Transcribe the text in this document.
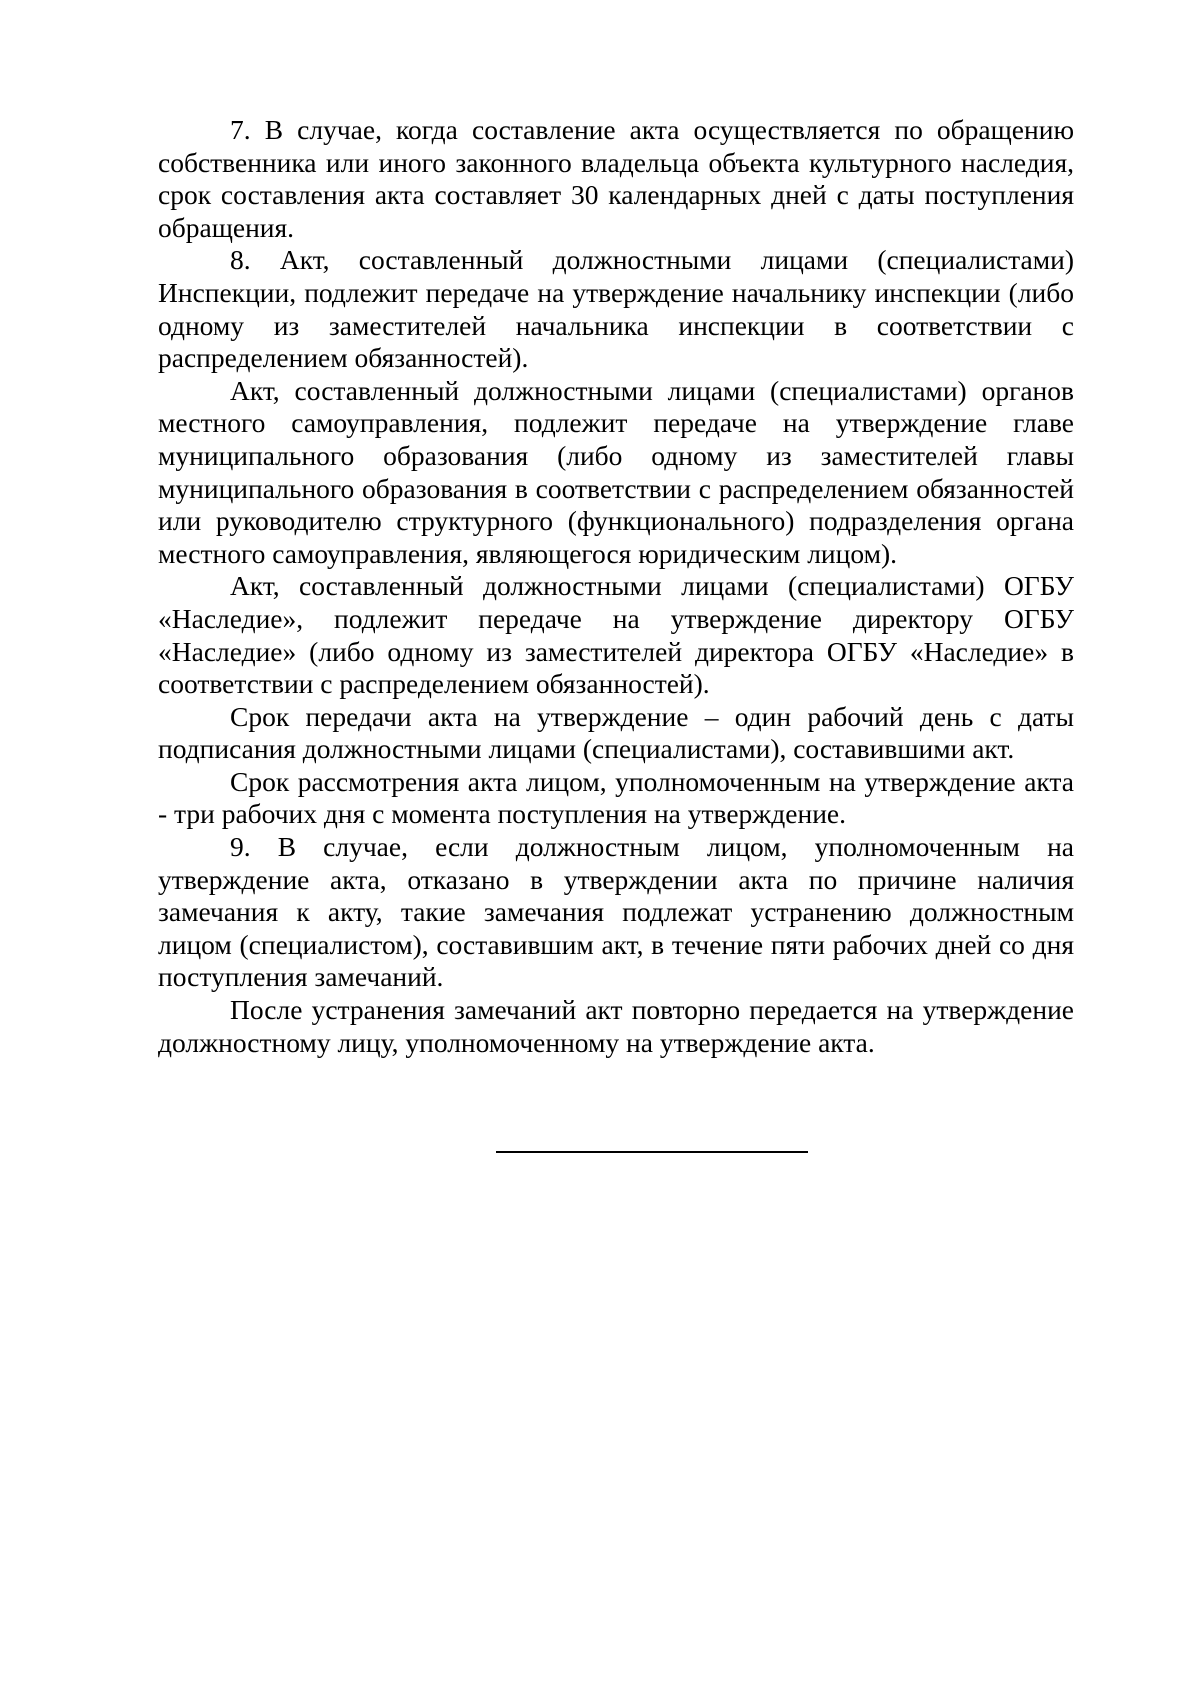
7. В случае, когда составление акта осуществляется по обращению собственника или иного законного владельца объекта культурного наследия, срок составления акта составляет 30 календарных дней с даты поступления обращения.

8. Акт, составленный должностными лицами (специалистами) Инспекции, подлежит передаче на утверждение начальнику инспекции (либо одному из заместителей начальника инспекции в соответствии с распределением обязанностей).

Акт, составленный должностными лицами (специалистами) органов местного самоуправления, подлежит передаче на утверждение главе муниципального образования (либо одному из заместителей главы муниципального образования в соответствии с распределением обязанностей или руководителю структурного (функционального) подразделения органа местного самоуправления, являющегося юридическим лицом).

Акт, составленный должностными лицами (специалистами) ОГБУ «Наследие», подлежит передаче на утверждение директору ОГБУ «Наследие» (либо одному из заместителей директора ОГБУ «Наследие» в соответствии с распределением обязанностей).

Срок передачи акта на утверждение – один рабочий день с даты подписания должностными лицами (специалистами), составившими акт.

Срок рассмотрения акта лицом, уполномоченным на утверждение акта - три рабочих дня с момента поступления на утверждение.

9. В случае, если должностным лицом, уполномоченным на утверждение акта, отказано в утверждении акта по причине наличия замечания к акту, такие замечания подлежат устранению должностным лицом (специалистом), составившим акт, в течение пяти рабочих дней со дня поступления замечаний.

После устранения замечаний акт повторно передается на утверждение должностному лицу, уполномоченному на утверждение акта.
